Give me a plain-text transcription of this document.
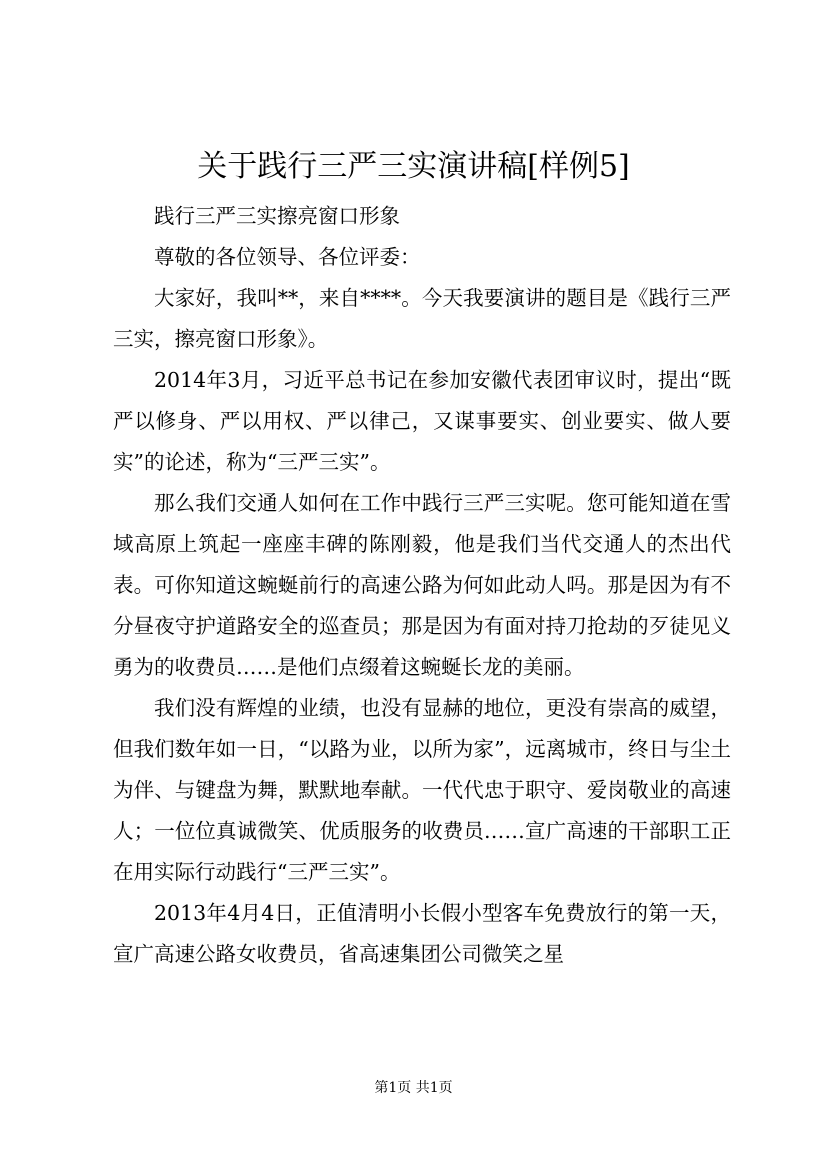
关于践行三严三实演讲稿[样例5]

践行三严三实擦亮窗口形象

尊敬的各位领导、各位评委：

大家好，我叫**，来自****。今天我要演讲的题目是《践行三严三实，擦亮窗口形象》。

2014年3月，习近平总书记在参加安徽代表团审议时，提出“既严以修身、严以用权、严以律己，又谋事要实、创业要实、做人要实”的论述，称为“三严三实”。

那么我们交通人如何在工作中践行三严三实呢。您可能知道在雪域高原上筑起一座座丰碑的陈刚毅，他是我们当代交通人的杰出代表。可你知道这蜿蜒前行的高速公路为何如此动人吗。那是因为有不分昼夜守护道路安全的巡查员；那是因为有面对持刀抢劫的歹徒见义勇为的收费员……是他们点缀着这蜿蜒长龙的美丽。

我们没有辉煌的业绩，也没有显赫的地位，更没有崇高的威望，但我们数年如一日，“以路为业，以所为家”，远离城市，终日与尘土为伴、与键盘为舞，默默地奉献。一代代忠于职守、爱岗敬业的高速人；一位位真诚微笑、优质服务的收费员……宣广高速的干部职工正在用实际行动践行“三严三实”。

2013年4月4日，正值清明小长假小型客车免费放行的第一天，宣广高速公路女收费员，省高速集团公司微笑之星

第1页 共1页
